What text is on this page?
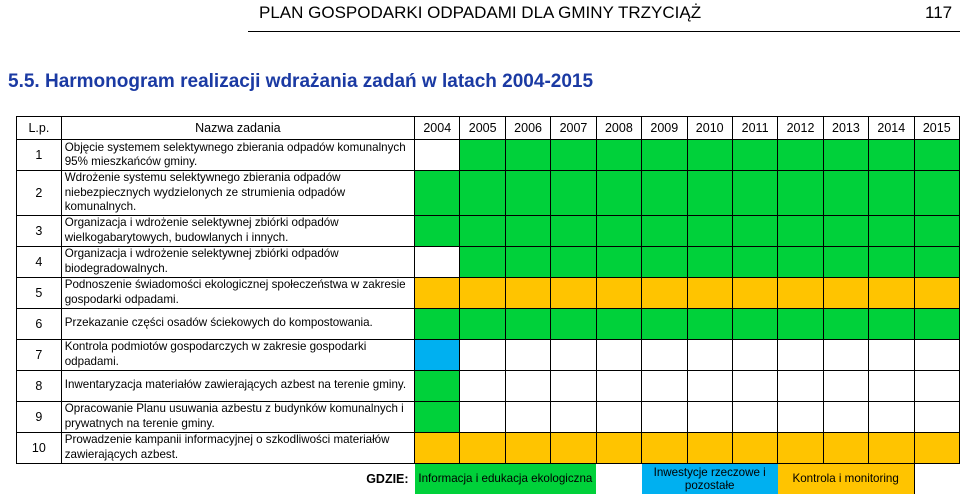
PLAN GOSPODARKI ODPADAMI DLA GMINY TRZYCIĄŻ	117
5.5. Harmonogram realizacji wdrażania zadań w latach 2004-2015
L.p.	Nazwa zadania	2004	2005	2006	2007	2008	2009	2010	2011	2012	2013	2014	2015
1	Objęcie systemem selektywnego zbierania odpadów komunalnych 95% mieszkańców gminy.												
2	Wdrożenie systemu selektywnego zbierania odpadów niebezpiecznych wydzielonych ze strumienia odpadów komunalnych.												
3	Organizacja i wdrożenie selektywnej zbiórki odpadów wielkogabarytowych, budowlanych i innych.												
4	Organizacja i wdrożenie selektywnej zbiórki odpadów biodegradowalnych.												
5	Podnoszenie świadomości ekologicznej społeczeństwa w zakresie gospodarki odpadami.												
6	Przekazanie części osadów ściekowych do kompostowania.												
7	Kontrola podmiotów gospodarczych w zakresie gospodarki odpadami.												
8	Inwentaryzacja materiałów zawierających azbest na terenie gminy.												
9	Opracowanie Planu usuwania azbestu z budynków komunalnych i prywatnych na terenie gminy.												
10	Prowadzenie kampanii informacyjnej o szkodliwości materiałów zawierających azbest.												
GDZIE:		Informacja i edukacja ekologiczna					Inwestycje rzeczowe i pozostałe			Kontrola i monitoring			
